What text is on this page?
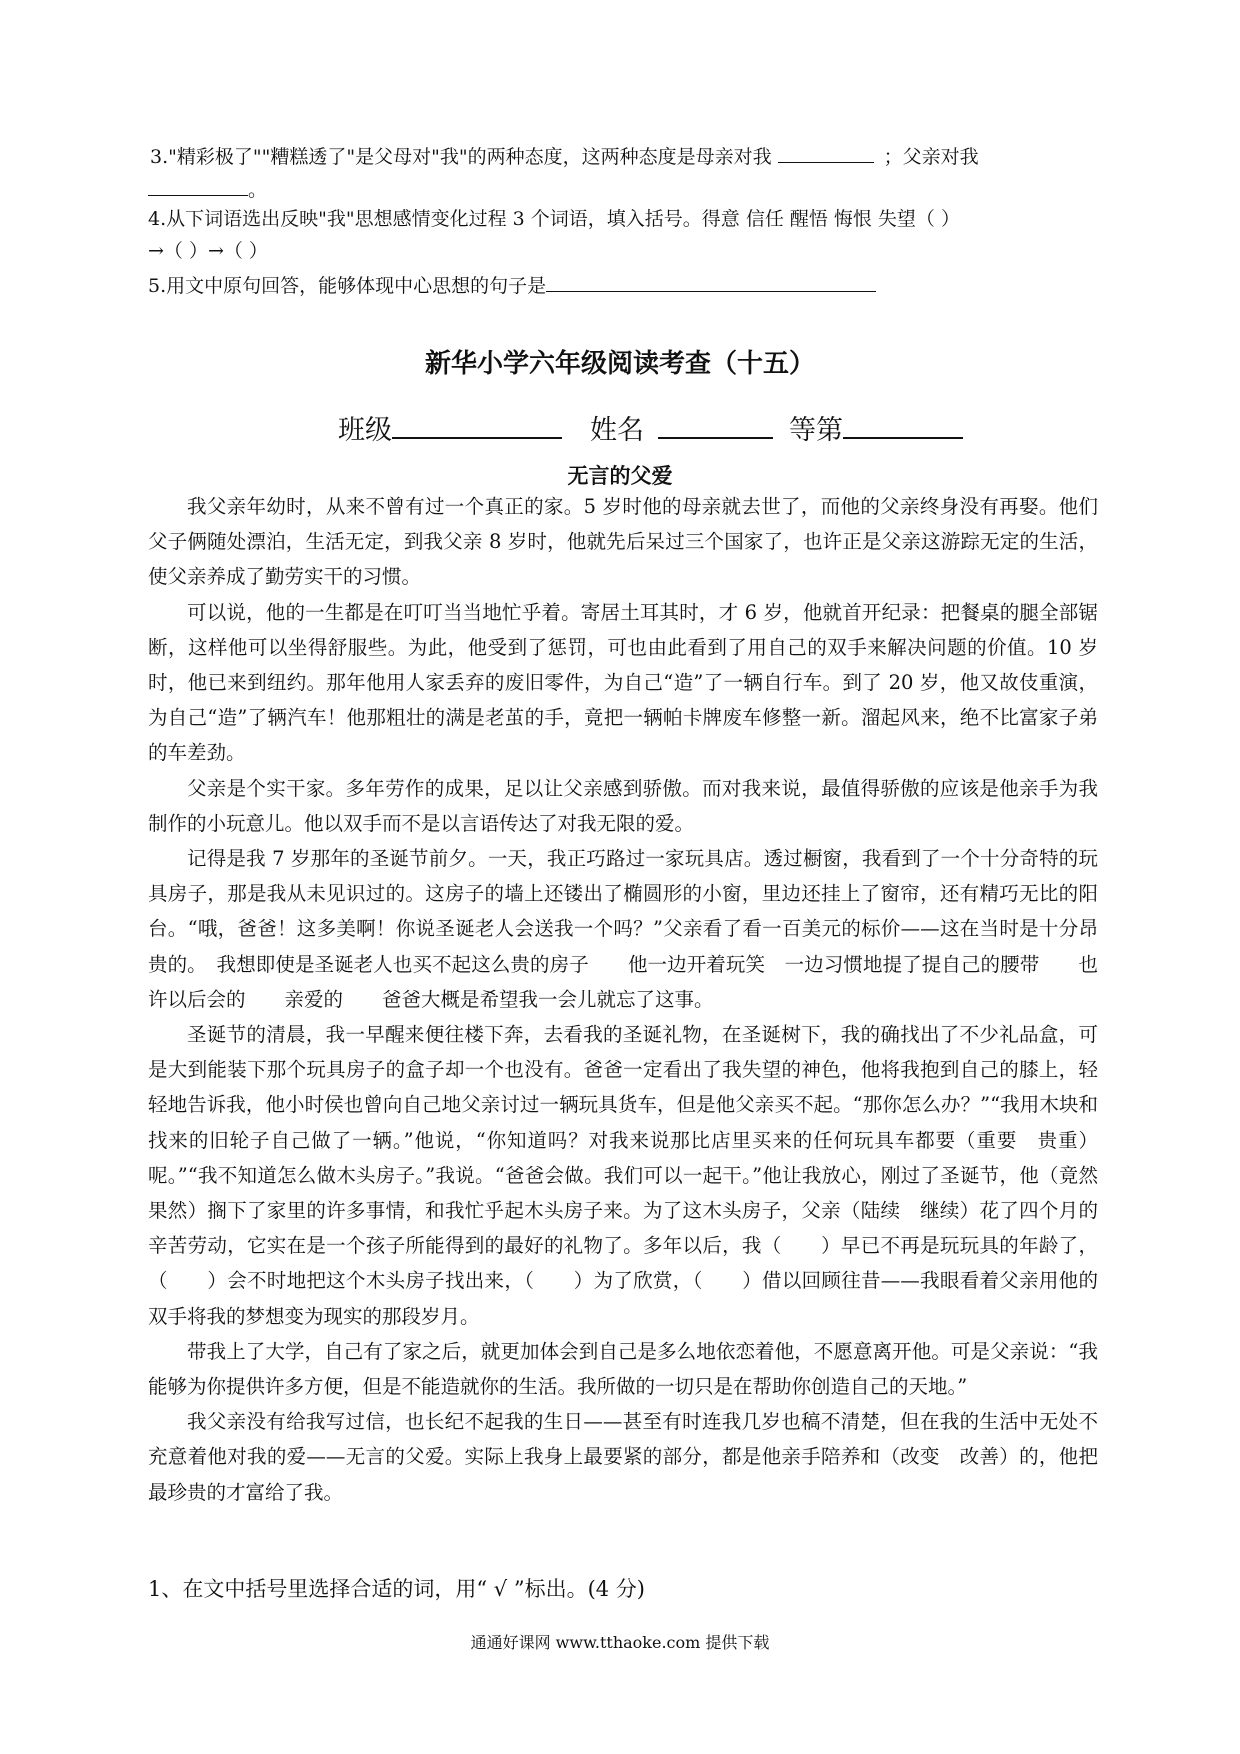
3."精彩极了""糟糕透了"是父母对"我"的两种态度，这两种态度是母亲对我	；父亲对我
。
4.从下词语选出反映"我"思想感情变化过程 3 个词语，填入括号。得意 信任 醒悟 悔恨 失望（ ）
→（ ）→（ ）
5.用文中原句回答，能够体现中心思想的句子是
新华小学六年级阅读考查（十五）
班级	姓名	等第
无言的父爱

我父亲年幼时，从来不曾有过一个真正的家。5 岁时他的母亲就去世了，而他的父亲终身没有再娶。他们父子俩随处漂泊，生活无定，到我父亲 8 岁时，他就先后呆过三个国家了，也许正是父亲这游踪无定的生活，使父亲养成了勤劳实干的习惯。

可以说，他的一生都是在叮叮当当地忙乎着。寄居土耳其时，才 6 岁，他就首开纪录：把餐桌的腿全部锯断，这样他可以坐得舒服些。为此，他受到了惩罚，可也由此看到了用自己的双手来解决问题的价值。10 岁时，他已来到纽约。那年他用人家丢弃的废旧零件，为自己“造”了一辆自行车。到了 20 岁，他又故伎重演，为自己“造”了辆汽车！他那粗壮的满是老茧的手，竟把一辆帕卡牌废车修整一新。溜起风来，绝不比富家子弟的车差劲。

父亲是个实干家。多年劳作的成果，足以让父亲感到骄傲。而对我来说，最值得骄傲的应该是他亲手为我制作的小玩意儿。他以双手而不是以言语传达了对我无限的爱。

记得是我 7 岁那年的圣诞节前夕。一天，我正巧路过一家玩具店。透过橱窗，我看到了一个十分奇特的玩具房子，那是我从未见识过的。这房子的墙上还镂出了椭圆形的小窗，里边还挂上了窗帘，还有精巧无比的阳台。“哦，爸爸！这多美啊！你说圣诞老人会送我一个吗？”父亲看了看一百美元的标价——这在当时是十分昂贵的。　我想即使是圣诞老人也买不起这么贵的房子　　他一边开着玩笑　一边习惯地提了提自己的腰带　　也许以后会的　　亲爱的　　爸爸大概是希望我一会儿就忘了这事。

圣诞节的清晨，我一早醒来便往楼下奔，去看我的圣诞礼物，在圣诞树下，我的确找出了不少礼品盒，可是大到能装下那个玩具房子的盒子却一个也没有。爸爸一定看出了我失望的神色，他将我抱到自己的膝上，轻轻地告诉我，他小时侯也曾向自己地父亲讨过一辆玩具货车，但是他父亲买不起。“那你怎么办？”“我用木块和找来的旧轮子自己做了一辆。”他说，“你知道吗？对我来说那比店里买来的任何玩具车都要（重要　贵重）呢。”“我不知道怎么做木头房子。”我说。“爸爸会做。我们可以一起干。”他让我放心，刚过了圣诞节，他（竟然　果然）搁下了家里的许多事情，和我忙乎起木头房子来。为了这木头房子，父亲（陆续　继续）花了四个月的辛苦劳动，它实在是一个孩子所能得到的最好的礼物了。多年以后，我（　　）早已不再是玩玩具的年龄了，（　　）会不时地把这个木头房子找出来，（　　）为了欣赏，（　　）借以回顾往昔——我眼看着父亲用他的双手将我的梦想变为现实的那段岁月。

带我上了大学，自己有了家之后，就更加体会到自己是多么地依恋着他，不愿意离开他。可是父亲说：“我能够为你提供许多方便，但是不能造就你的生活。我所做的一切只是在帮助你创造自己的天地。”

我父亲没有给我写过信，也长纪不起我的生日——甚至有时连我几岁也稿不清楚，但在我的生活中无处不充意着他对我的爱——无言的父爱。实际上我身上最要紧的部分，都是他亲手陪养和（改变　改善）的，他把最珍贵的才富给了我。

1、在文中括号里选择合适的词，用“ √ ”标出。(4 分)
通通好课网 www.tthaoke.com 提供下载
